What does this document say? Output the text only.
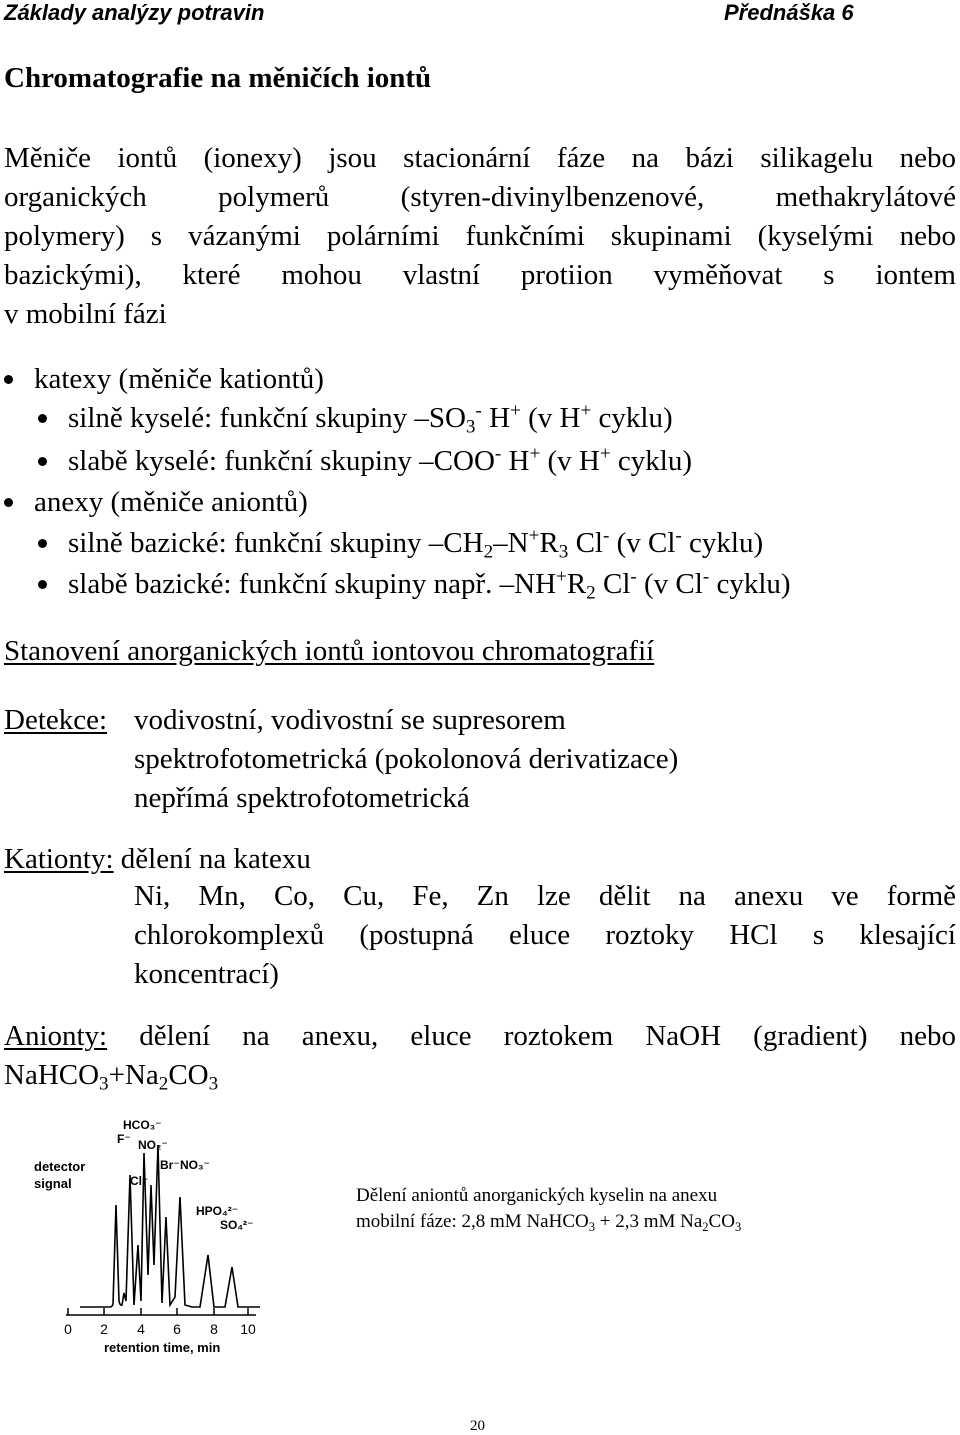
Základy analýzy potravin	Přednáška 6
Chromatografie na měničích iontů
Měniče iontů (ionexy) jsou stacionární fáze na bázi silikagelu nebo
organických polymerů (styren-divinylbenzenové, methakrylátové
polymery) s vázanými polárními funkčními skupinami (kyselými nebo
bazickými), které mohou vlastní protiion vyměňovat s iontem
v mobilní fázi
katexy (měniče kationtů)
silně kyselé: funkční skupiny $-SO_3^-$ H+ (v H+ cyklu)
slabě kyselé: funkční skupiny –COO- H+ (v H+ cyklu)
anexy (měniče aniontů)
silně bazické: funkční skupiny $-CH_2-N^+R_3$ Cl- (v Cl- cyklu)
slabě bazické: funkční skupiny např. $-NH^+R_2$ Cl- (v Cl- cyklu)
Stanovení anorganických iontů iontovou chromatografií
Detekce: vodivostní, vodivostní se supresorem
spektrofotometrická (pokolonová derivatizace)
nepřímá spektrofotometrická
Kationty: dělení na katexu
Ni, Mn, Co, Cu, Fe, Zn lze dělit na anexu ve formě
chlorokomplexů (postupná eluce roztoky HCl s klesající
koncentrací)
Anionty: dělení na anexu, eluce roztokem NaOH (gradient) nebo
$NaHCO_3+Na_2CO_3$
detector
signal
HCO₃⁻
F⁻ NO₂⁻
Cl⁻
Br⁻ NO₃⁻
HPO₄²⁻
SO₄²⁻
0 2 4 6 8 10
retention time, min
Dělení aniontů anorganických kyselin na anexu
mobilní fáze: 2,8 mM NaHCO$_3$ + 2,3 mM $Na_2CO_3$
20
